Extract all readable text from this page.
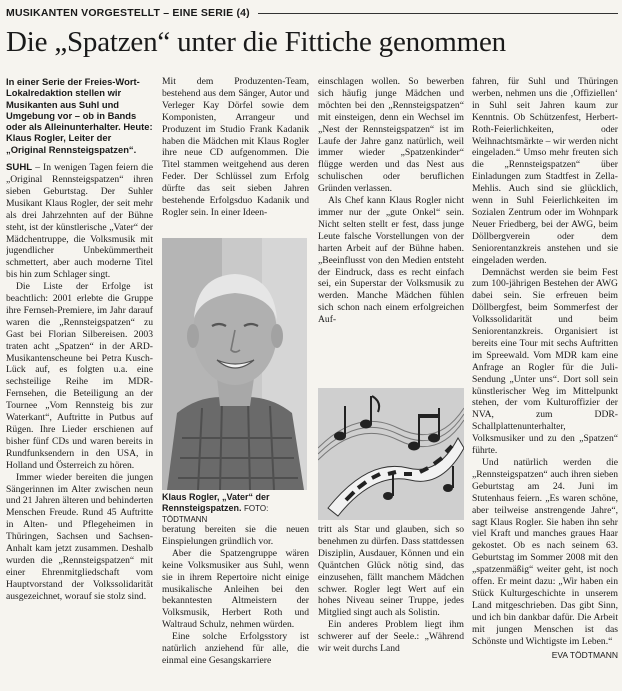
MUSIKANTEN VORGESTELLT – EINE SERIE (4)
Die „Spatzen“ unter die Fittiche genommen
In einer Serie der Freies-Wort-Lokalredaktion stellen wir Musikanten aus Suhl und Umgebung vor – ob in Bands oder als Alleinunterhalter. Heute: Klaus Rogler, Leiter der „Original Rennsteigspatzen“.

SUHL – In wenigen Tagen feiern die „Original Rennsteigspatzen“ ihren sieben Geburtstag. Der Suhler Musikant Klaus Rogler, der seit mehr als drei Jahrzehnten auf der Bühne steht, ist der künstlerische „Vater“ der Mädchentruppe, die Volksmusik mit jugendlicher Unbekümmertheit schmettert, aber auch moderne Titel bis hin zum Schlager singt.

Die Liste der Erfolge ist beachtlich: 2001 erlebte die Gruppe ihre Fernseh-Premiere, im Jahr darauf waren die „Rennsteigspatzen“ zu Gast bei Florian Silbereisen. 2003 traten acht „Spatzen“ in der ARD-Musikantenscheune bei Petra Kusch-Lück auf, es folgten u.a. eine sechsteilige Reihe im MDR-Fernsehen, die Beteiligung an der Tournee „Vom Rennsteig bis zur Waterkant“, Auftritte in Putbus auf Rügen. Ihre Lieder erschienen auf bisher fünf CDs und waren bereits in Rundfunksendern in den USA, in Holland und Österreich zu hören.

Immer wieder bereiten die jungen Sängerinnen im Alter zwischen neun und 21 Jahren älteren und behinderten Menschen Freude. Rund 45 Auftritte in Alten- und Pflegeheimen in Thüringen, Sachsen und Sachsen-Anhalt kam jetzt zusammen. Deshalb wurden die „Rennsteigspatzen“ mit einer Ehrenmitgliedschaft vom Hauptvorstand der Volkssolidarität ausgezeichnet, worauf sie stolz sind.

Mit dem Produzenten-Team, bestehend aus dem Sänger, Autor und Verleger Kay Dörfel sowie dem Komponisten, Arrangeur und Produzent im Studio Frank Kadanik haben die Mädchen mit Klaus Rogler ihre neue CD aufgenommen. Die Titel stammen weitgehend aus deren Feder. Der Schlüssel zum Erfolg dürfte das seit sieben Jahren bestehende Erfolgsduo Kadanik und Rogler sein. In einer Ideen-

Klaus Rogler, „Vater“ der Rennsteigspatzen. FOTO: TÖDTMANN

beratung bereiten sie die neuen Einspielungen gründlich vor.

Aber die Spatzengruppe wären keine Volksmusiker aus Suhl, wenn sie in ihrem Repertoire nicht einige musikalische Anleihen bei den bekanntesten Altmeistern der Volksmusik, Herbert Roth und Waltraud Schulz, nehmen würden.

Eine solche Erfolgsstory ist natürlich anziehend für alle, die einmal eine Gesangskarriere

einschlagen wollen. So bewerben sich häufig junge Mädchen und möchten bei den „Rennsteigspatzen“ mit einsteigen, denn ein Wechsel im „Nest der Rennsteigspatzen“ ist im Laufe der Jahre ganz natürlich, weil immer wieder „Spatzenkinder“ flügge werden und das Nest aus schulischen oder beruflichen Gründen verlassen.

Als Chef kann Klaus Rogler nicht immer nur der „gute Onkel“ sein. Nicht selten stellt er fest, dass junge Leute falsche Vorstellungen von der harten Arbeit auf der Bühne haben. „Beeinflusst von den Medien entsteht der Eindruck, dass es recht einfach sei, ein Superstar der Volksmusik zu werden. Manche Mädchen fühlen sich schon nach einem erfolgreichen Auf-

tritt als Star und glauben, sich so benehmen zu dürfen. Dass stattdessen Disziplin, Ausdauer, Können und ein Quäntchen Glück nötig sind, das einzusehen, fällt manchem Mädchen schwer. Rogler legt Wert auf ein hohes Niveau seiner Truppe, jedes Mitglied singt auch als Solistin.

Ein anderes Problem liegt ihm schwerer auf der Seele.: „Während wir weit durchs Land

fahren, für Suhl und Thüringen werben, nehmen uns die ‚Offiziellen‘ in Suhl seit Jahren kaum zur Kenntnis. Ob Schützenfest, Herbert-Roth-Feierlichkeiten, oder Weihnachtsmärkte – wir werden nicht eingeladen.“ Umso mehr freuten sich die „Rennsteigspatzen“ über Einladungen zum Stadtfest in Zella-Mehlis. Auch sind sie glücklich, wenn in Suhl Feierlichkeiten im Sozialen Zentrum oder im Wohnpark Neuer Friedberg, bei der AWG, beim Döllbergverein oder dem Seniorentanzkreis anstehen und sie eingeladen werden.

Demnächst werden sie beim Fest zum 100-jährigen Bestehen der AWG dabei sein. Sie erfreuen beim Döllbergfest, beim Sommerfest der Volkssolidarität und beim Seniorentanzkreis. Organisiert ist bereits eine Tour mit sechs Auftritten im Spreewald. Vom MDR kam eine Anfrage an Rogler für die Juli-Sendung „Unter uns“. Dort soll sein künstlerischer Weg im Mittelpunkt stehen, der vom Kulturoffizier der NVA, zum DDR-Schallplattenunterhalter, Volksmusiker und zu den „Spatzen“ führte.

Und natürlich werden die „Rennsteigspatzen“ auch ihren sieben Geburtstag am 24. Juni im Stutenhaus feiern. „Es waren schöne, aber teilweise anstrengende Jahre“, sagt Klaus Rogler. Sie haben ihn sehr viel Kraft und manches graues Haar gekostet. Ob es nach seinem 63. Geburtstag im Sommer 2008 mit den „spatzenmäßig“ weiter geht, ist noch offen. Er meint dazu: „Wir haben ein Stück Kulturgeschichte in unserem Land mitgeschrieben. Das gibt Sinn, und ich bin dankbar dafür. Die Arbeit mit jungen Menschen ist das Schönste und Wichtigste im Leben.“

EVA TÖDTMANN
